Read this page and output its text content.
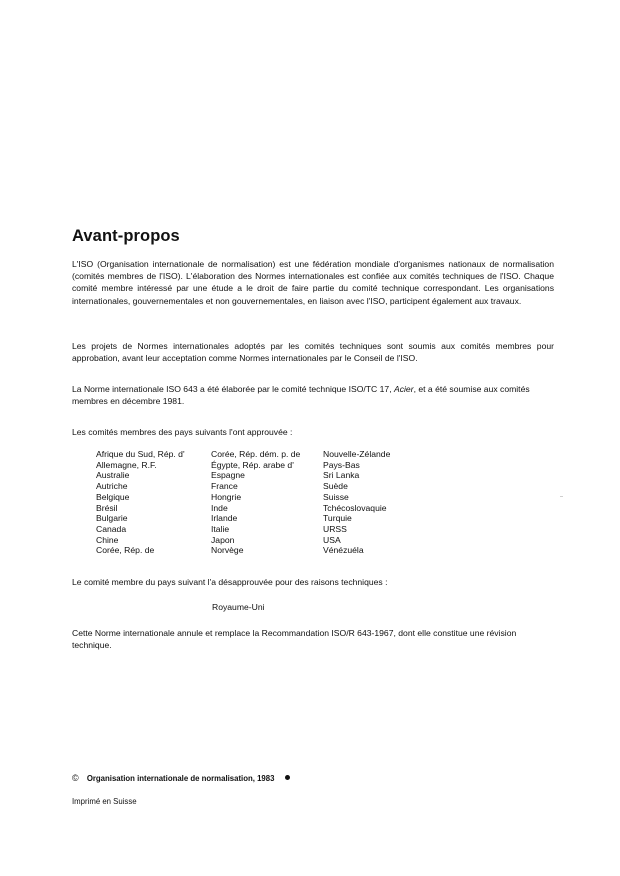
Avant-propos

L'ISO (Organisation internationale de normalisation) est une fédération mondiale d'organismes nationaux de normalisation (comités membres de l'ISO). L'élaboration des Normes internationales est confiée aux comités techniques de l'ISO. Chaque comité membre intéressé par une étude a le droit de faire partie du comité technique correspondant. Les organisations internationales, gouvernementales et non gouvernementales, en liaison avec l'ISO, participent également aux travaux.

Les projets de Normes internationales adoptés par les comités techniques sont soumis aux comités membres pour approbation, avant leur acceptation comme Normes internationales par le Conseil de l'ISO.

La Norme internationale ISO 643 a été élaborée par le comité technique ISO/TC 17, Acier, et a été soumise aux comités membres en décembre 1981.

Les comités membres des pays suivants l'ont approuvée :

Afrique du Sud, Rép. d'
Allemagne, R.F.
Australie
Autriche
Belgique
Brésil
Bulgarie
Canada
Chine
Corée, Rép. de
Corée, Rép. dém. p. de
Égypte, Rép. arabe d'
Espagne
France
Hongrie
Inde
Irlande
Italie
Japon
Norvège
Nouvelle-Zélande
Pays-Bas
Sri Lanka
Suède
Suisse
Tchécoslovaquie
Turquie
URSS
USA
Vénézuéla

Le comité membre du pays suivant l'a désapprouvée pour des raisons techniques :

Royaume-Uni

Cette Norme internationale annule et remplace la Recommandation ISO/R 643-1967, dont elle constitue une révision technique.

© Organisation internationale de normalisation, 1983
Imprimé en Suisse
